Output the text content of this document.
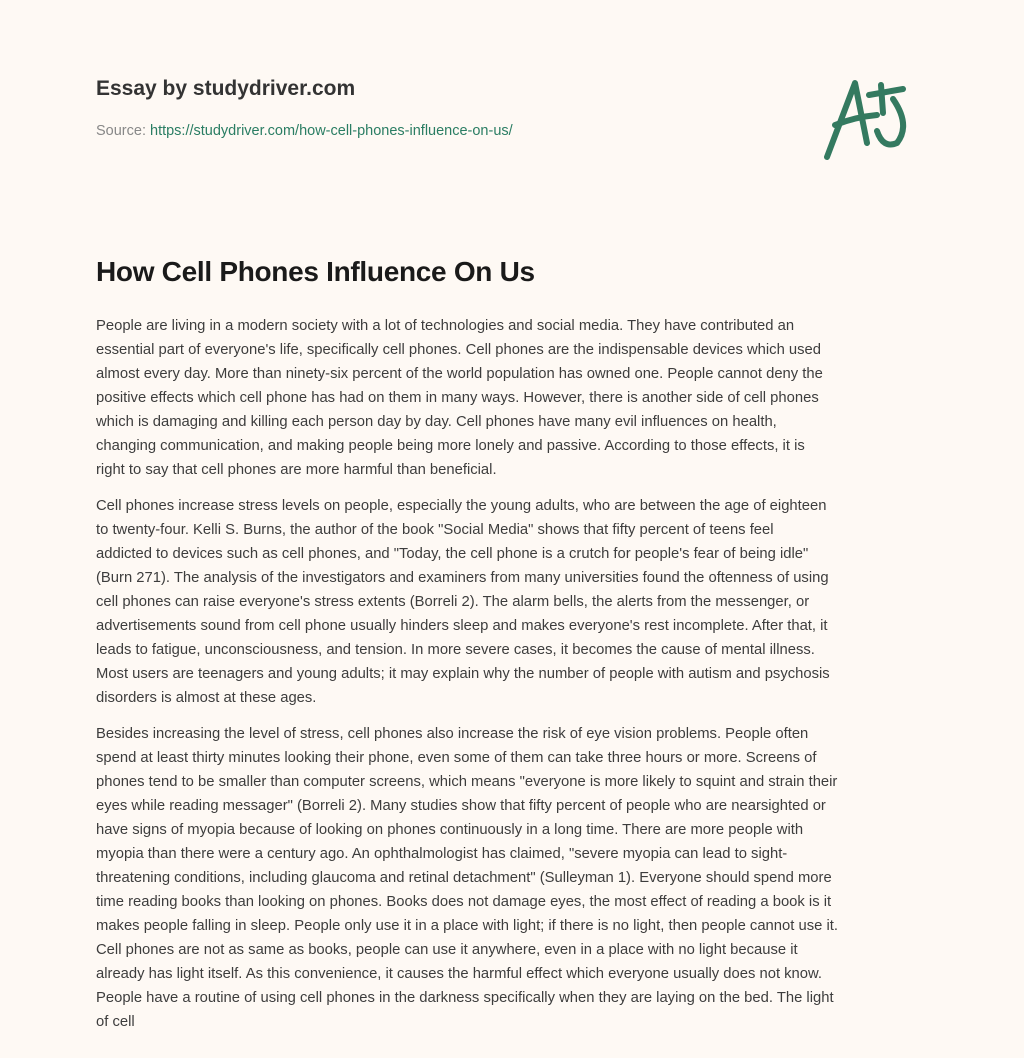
Essay by studydriver.com
Source: https://studydriver.com/how-cell-phones-influence-on-us/
How Cell Phones Influence On Us

People are living in a modern society with a lot of technologies and social media. They have contributed an
essential part of everyone's life, specifically cell phones. Cell phones are the indispensable devices which used
almost every day. More than ninety-six percent of the world population has owned one. People cannot deny the
positive effects which cell phone has had on them in many ways. However, there is another side of cell phones
which is damaging and killing each person day by day. Cell phones have many evil influences on health,
changing communication, and making people being more lonely and passive. According to those effects, it is
right to say that cell phones are more harmful than beneficial.

Cell phones increase stress levels on people, especially the young adults, who are between the age of eighteen
to twenty-four. Kelli S. Burns, the author of the book "Social Media" shows that fifty percent of teens feel
addicted to devices such as cell phones, and "Today, the cell phone is a crutch for people's fear of being idle"
(Burn 271). The analysis of the investigators and examiners from many universities found the oftenness of using
cell phones can raise everyone's stress extents (Borreli 2). The alarm bells, the alerts from the messenger, or
advertisements sound from cell phone usually hinders sleep and makes everyone's rest incomplete. After that, it
leads to fatigue, unconsciousness, and tension. In more severe cases, it becomes the cause of mental illness.
Most users are teenagers and young adults; it may explain why the number of people with autism and psychosis
disorders is almost at these ages.

Besides increasing the level of stress, cell phones also increase the risk of eye vision problems. People often
spend at least thirty minutes looking their phone, even some of them can take three hours or more. Screens of
phones tend to be smaller than computer screens, which means "everyone is more likely to squint and strain their
eyes while reading messager" (Borreli 2). Many studies show that fifty percent of people who are nearsighted or
have signs of myopia because of looking on phones continuously in a long time. There are more people with
myopia than there were a century ago. An ophthalmologist has claimed, "severe myopia can lead to sight-
threatening conditions, including glaucoma and retinal detachment" (Sulleyman 1). Everyone should spend more
time reading books than looking on phones. Books does not damage eyes, the most effect of reading a book is it
makes people falling in sleep. People only use it in a place with light; if there is no light, then people cannot use it.
Cell phones are not as same as books, people can use it anywhere, even in a place with no light because it
already has light itself. As this convenience, it causes the harmful effect which everyone usually does not know.
People have a routine of using cell phones in the darkness specifically when they are laying on the bed. The light
of cell
